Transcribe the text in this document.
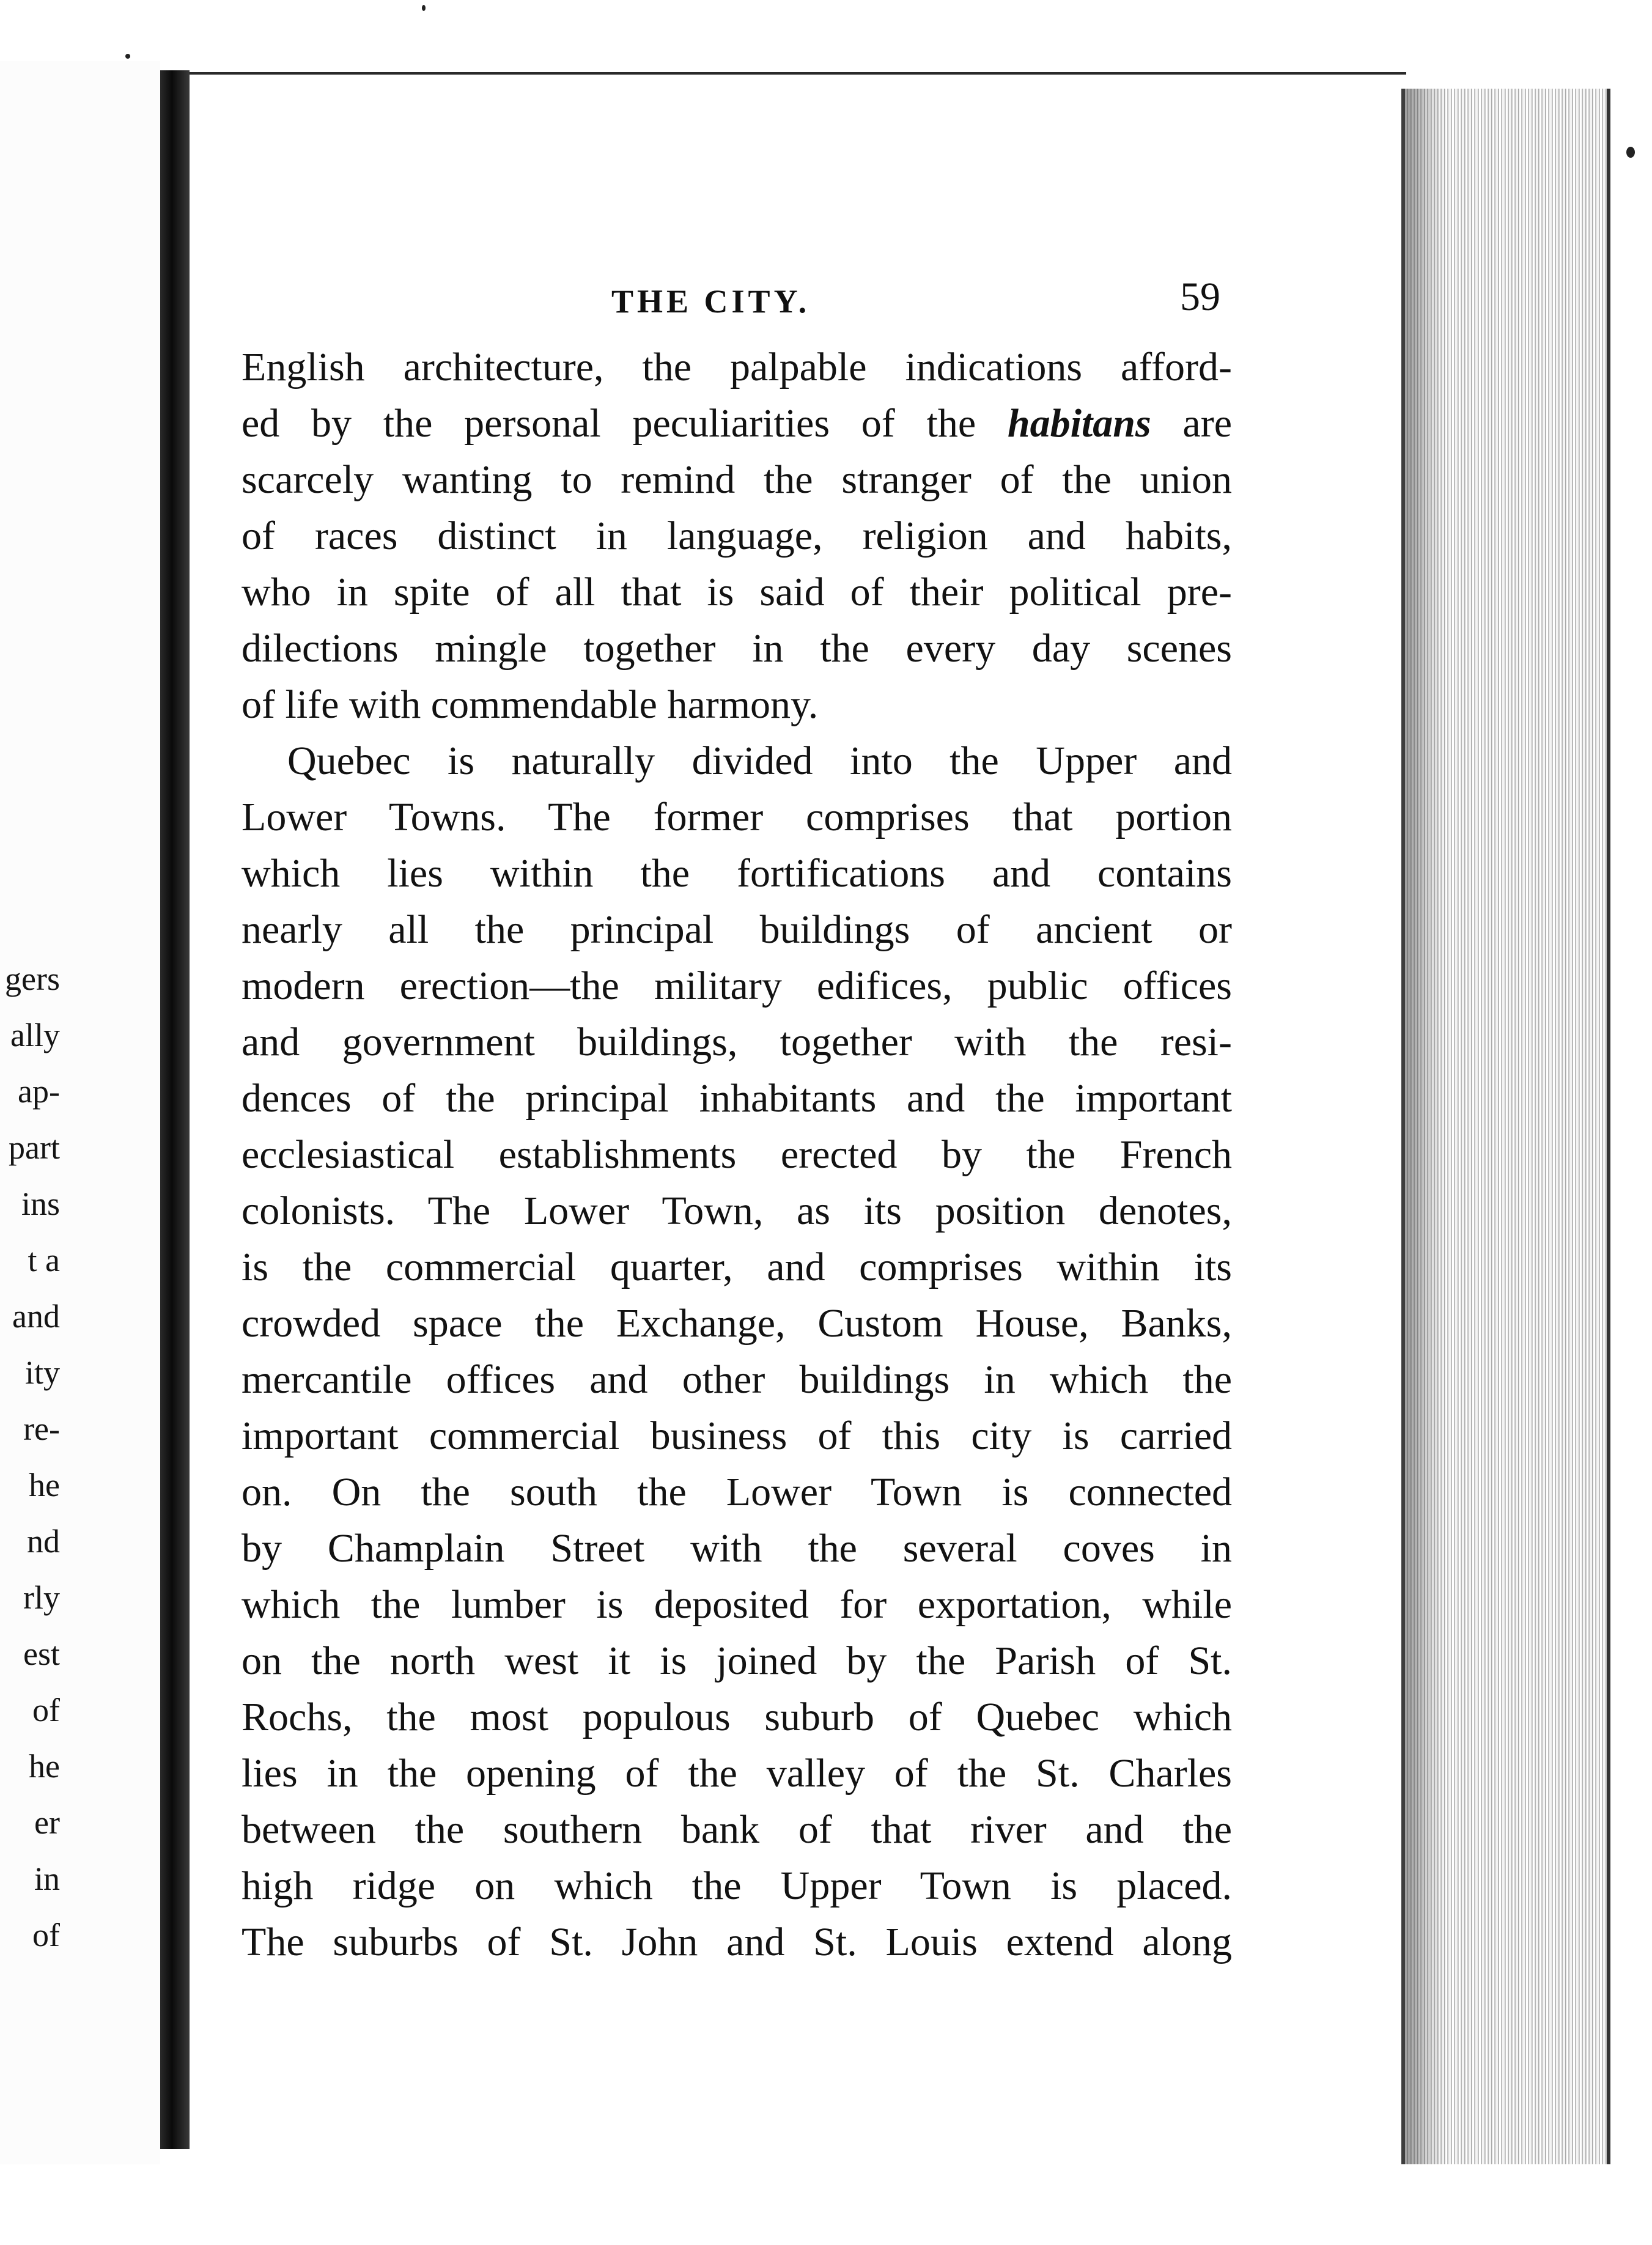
gers
ally
ap-
part
ins
t a
and
ity
re-
he
nd
rly
est
of
he
er
in
of
THE CITY.	59
English architecture, the palpable indications afford-
ed by the personal peculiarities of the habitans are
scarcely wanting to remind the stranger of the union
of races distinct in language, religion and habits,
who in spite of all that is said of their political pre-
dilections mingle together in the every day scenes
of life with commendable harmony.
Quebec is naturally divided into the Upper and
Lower Towns. The former comprises that portion
which lies within the fortifications and contains
nearly all the principal buildings of ancient or
modern erection—the military edifices, public offices
and government buildings, together with the resi-
dences of the principal inhabitants and the important
ecclesiastical establishments erected by the French
colonists. The Lower Town, as its position denotes,
is the commercial quarter, and comprises within its
crowded space the Exchange, Custom House, Banks,
mercantile offices and other buildings in which the
important commercial business of this city is carried
on. On the south the Lower Town is connected
by Champlain Street with the several coves in
which the lumber is deposited for exportation, while
on the north west it is joined by the Parish of St.
Rochs, the most populous suburb of Quebec which
lies in the opening of the valley of the St. Charles
between the southern bank of that river and the
high ridge on which the Upper Town is placed.
The suburbs of St. John and St. Louis extend along
